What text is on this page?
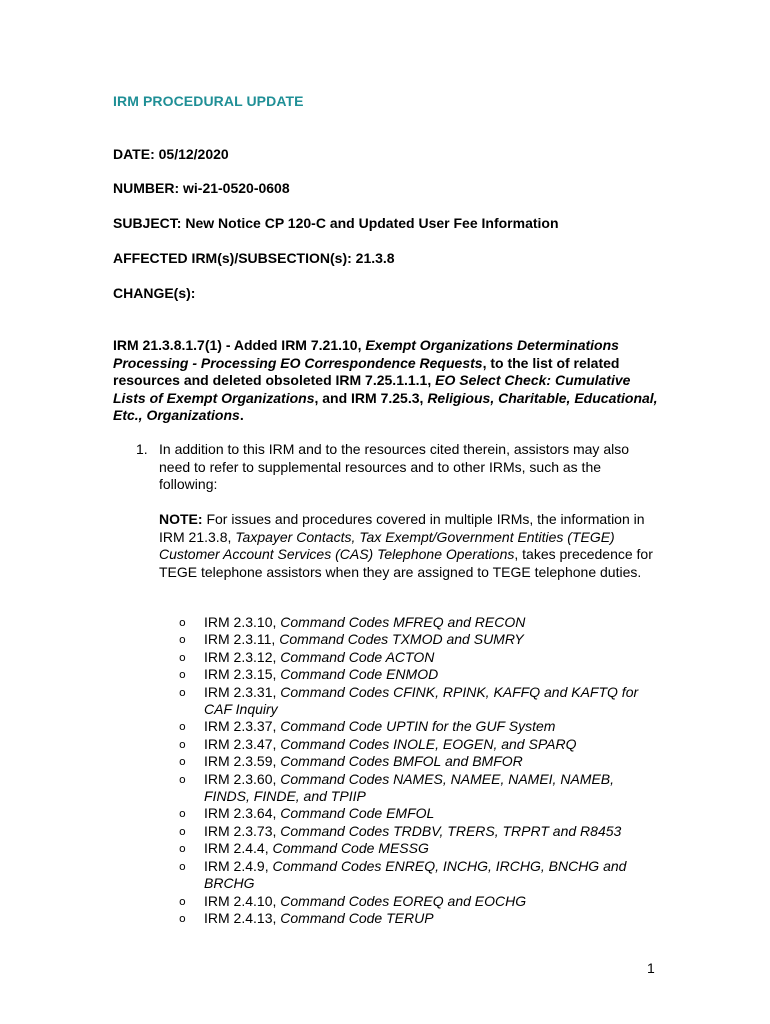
IRM PROCEDURAL UPDATE
DATE: 05/12/2020
NUMBER: wi-21-0520-0608
SUBJECT: New Notice CP 120-C and Updated User Fee Information
AFFECTED IRM(s)/SUBSECTION(s): 21.3.8
CHANGE(s):
IRM 21.3.8.1.7(1) - Added IRM 7.21.10, Exempt Organizations Determinations Processing - Processing EO Correspondence Requests, to the list of related resources and deleted obsoleted IRM 7.25.1.1.1, EO Select Check: Cumulative Lists of Exempt Organizations, and IRM 7.25.3, Religious, Charitable, Educational, Etc., Organizations.
1. In addition to this IRM and to the resources cited therein, assistors may also need to refer to supplemental resources and to other IRMs, such as the following:
NOTE: For issues and procedures covered in multiple IRMs, the information in IRM 21.3.8, Taxpayer Contacts, Tax Exempt/Government Entities (TEGE) Customer Account Services (CAS) Telephone Operations, takes precedence for TEGE telephone assistors when they are assigned to TEGE telephone duties.
o IRM 2.3.10, Command Codes MFREQ and RECON
o IRM 2.3.11, Command Codes TXMOD and SUMRY
o IRM 2.3.12, Command Code ACTON
o IRM 2.3.15, Command Code ENMOD
o IRM 2.3.31, Command Codes CFINK, RPINK, KAFFQ and KAFTQ for CAF Inquiry
o IRM 2.3.37, Command Code UPTIN for the GUF System
o IRM 2.3.47, Command Codes INOLE, EOGEN, and SPARQ
o IRM 2.3.59, Command Codes BMFOL and BMFOR
o IRM 2.3.60, Command Codes NAMES, NAMEE, NAMEI, NAMEB, FINDS, FINDE, and TPIIP
o IRM 2.3.64, Command Code EMFOL
o IRM 2.3.73, Command Codes TRDBV, TRERS, TRPRT and R8453
o IRM 2.4.4, Command Code MESSG
o IRM 2.4.9, Command Codes ENREQ, INCHG, IRCHG, BNCHG and BRCHG
o IRM 2.4.10, Command Codes EOREQ and EOCHG
o IRM 2.4.13, Command Code TERUP
1
